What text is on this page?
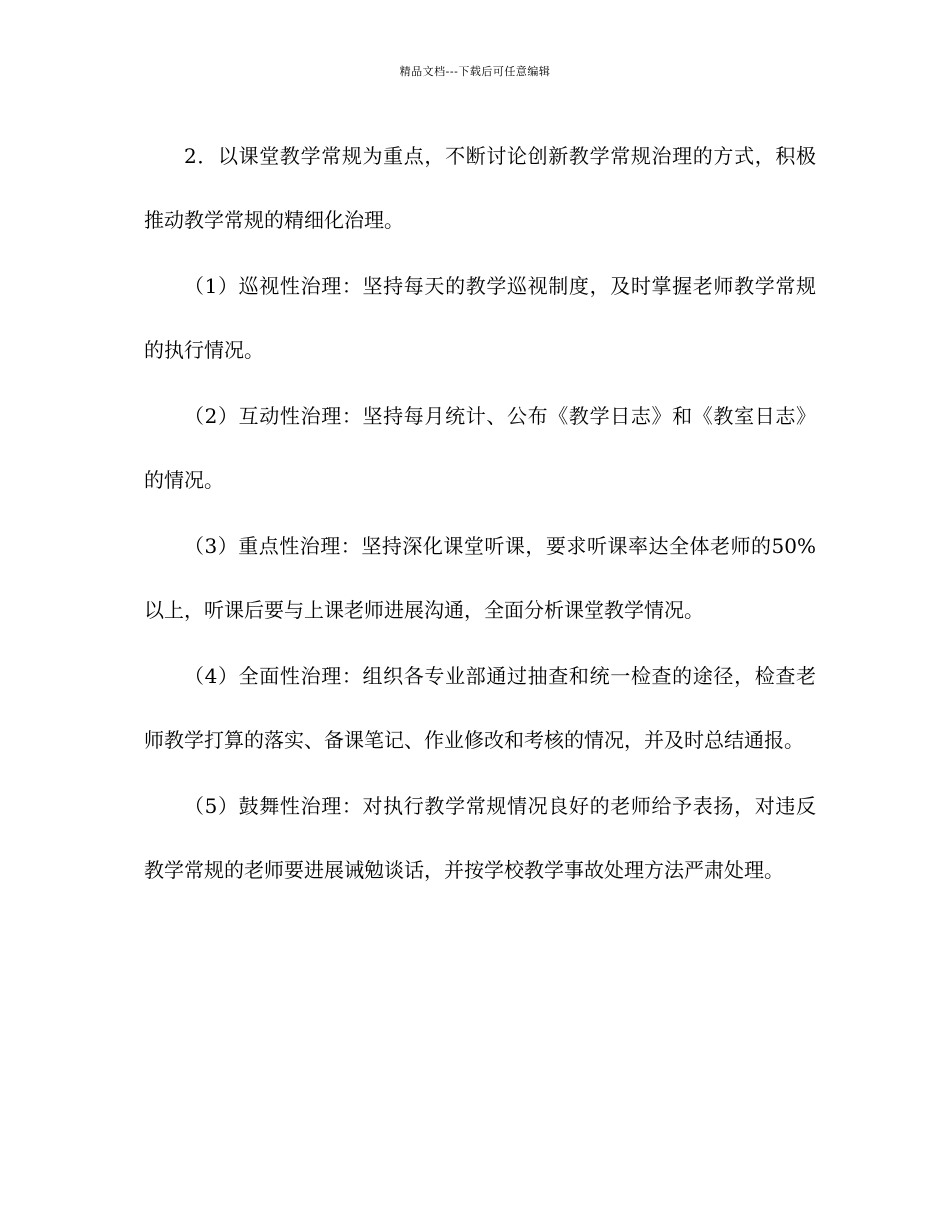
精品文档---下载后可任意编辑

2．以课堂教学常规为重点，不断讨论创新教学常规治理的方式，积极推动教学常规的精细化治理。

（1）巡视性治理：坚持每天的教学巡视制度，及时掌握老师教学常规的执行情况。

（2）互动性治理：坚持每月统计、公布《教学日志》和《教室日志》的情况。

（3）重点性治理：坚持深化课堂听课，要求听课率达全体老师的50%以上，听课后要与上课老师进展沟通，全面分析课堂教学情况。

（4）全面性治理：组织各专业部通过抽查和统一检查的途径，检查老师教学打算的落实、备课笔记、作业修改和考核的情况，并及时总结通报。

（5）鼓舞性治理：对执行教学常规情况良好的老师给予表扬，对违反教学常规的老师要进展诫勉谈话，并按学校教学事故处理方法严肃处理。
